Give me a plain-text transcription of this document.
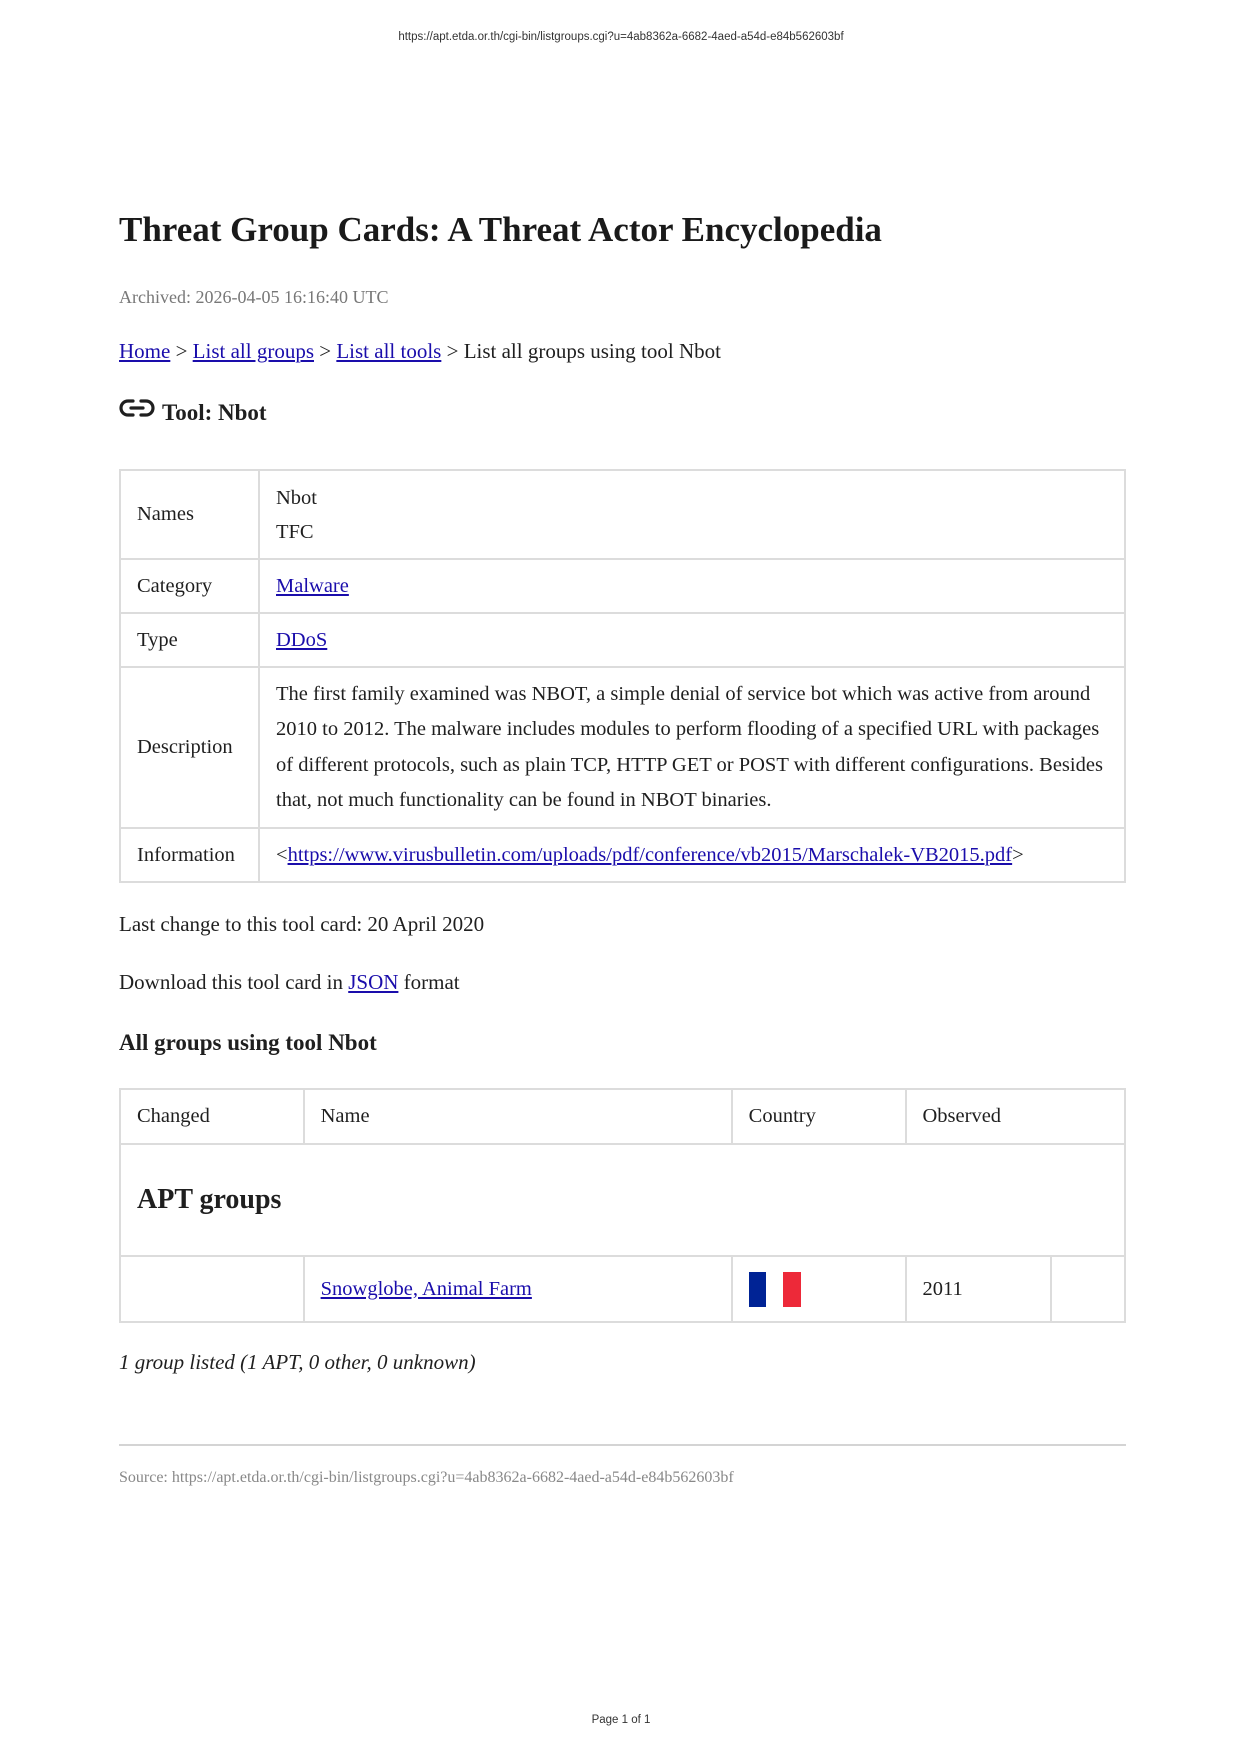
https://apt.etda.or.th/cgi-bin/listgroups.cgi?u=4ab8362a-6682-4aed-a54d-e84b562603bf
Threat Group Cards: A Threat Actor Encyclopedia
Archived: 2026-04-05 16:16:40 UTC
Home > List all groups > List all tools > List all groups using tool Nbot
Tool: Nbot
Names	Nbot
TFC

Category	Malware
Type	DDoS
Description	The first family examined was NBOT, a simple denial of service bot which was active from around 2010 to 2012. The malware includes modules to perform flooding of a specified URL with packages of different protocols, such as plain TCP, HTTP GET or POST with different configurations. Besides that, not much functionality can be found in NBOT binaries.

Information	<https://www.virusbulletin.com/uploads/pdf/conference/vb2015/Marschalek-VB2015.pdf>
Last change to this tool card: 20 April 2020
Download this tool card in JSON format
All groups using tool Nbot
Changed	Name	Country	Observed	
APT groups				
	Snowglobe, Animal Farm		2011	
1 group listed (1 APT, 0 other, 0 unknown)
Source: https://apt.etda.or.th/cgi-bin/listgroups.cgi?u=4ab8362a-6682-4aed-a54d-e84b562603bf
Page 1 of 1
